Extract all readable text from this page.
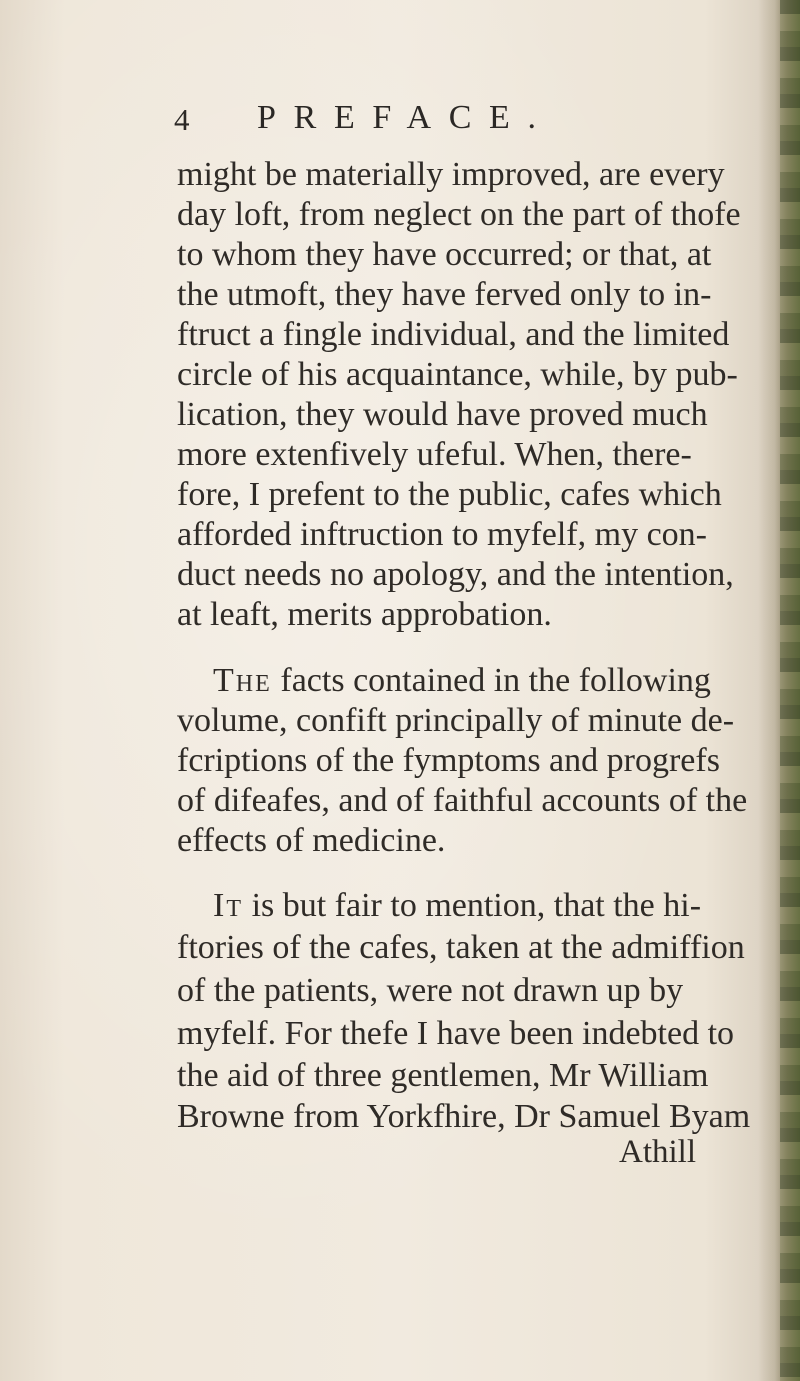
4 PREFACE.
might be materially improved, are every
day loft, from neglect on the part of thofe
to whom they have occurred; or that, at
the utmoft, they have ferved only to in-
ftruct a fingle individual, and the limited
circle of his acquaintance, while, by pub-
lication, they would have proved much
more extenfively ufeful. When, there-
fore, I prefent to the public, cafes which
afforded inftruction to myfelf, my con-
duct needs no apology, and the intention,
at leaft, merits approbation.
The facts contained in the following
volume, confift principally of minute de-
fcriptions of the fymptoms and progrefs
of difeafes, and of faithful accounts of the
effects of medicine.
It is but fair to mention, that the hi-
ftories of the cafes, taken at the admiffion
of the patients, were not drawn up by
myfelf. For thefe I have been indebted to
the aid of three gentlemen, Mr William
Browne from Yorkfhire, Dr Samuel Byam
Athill
